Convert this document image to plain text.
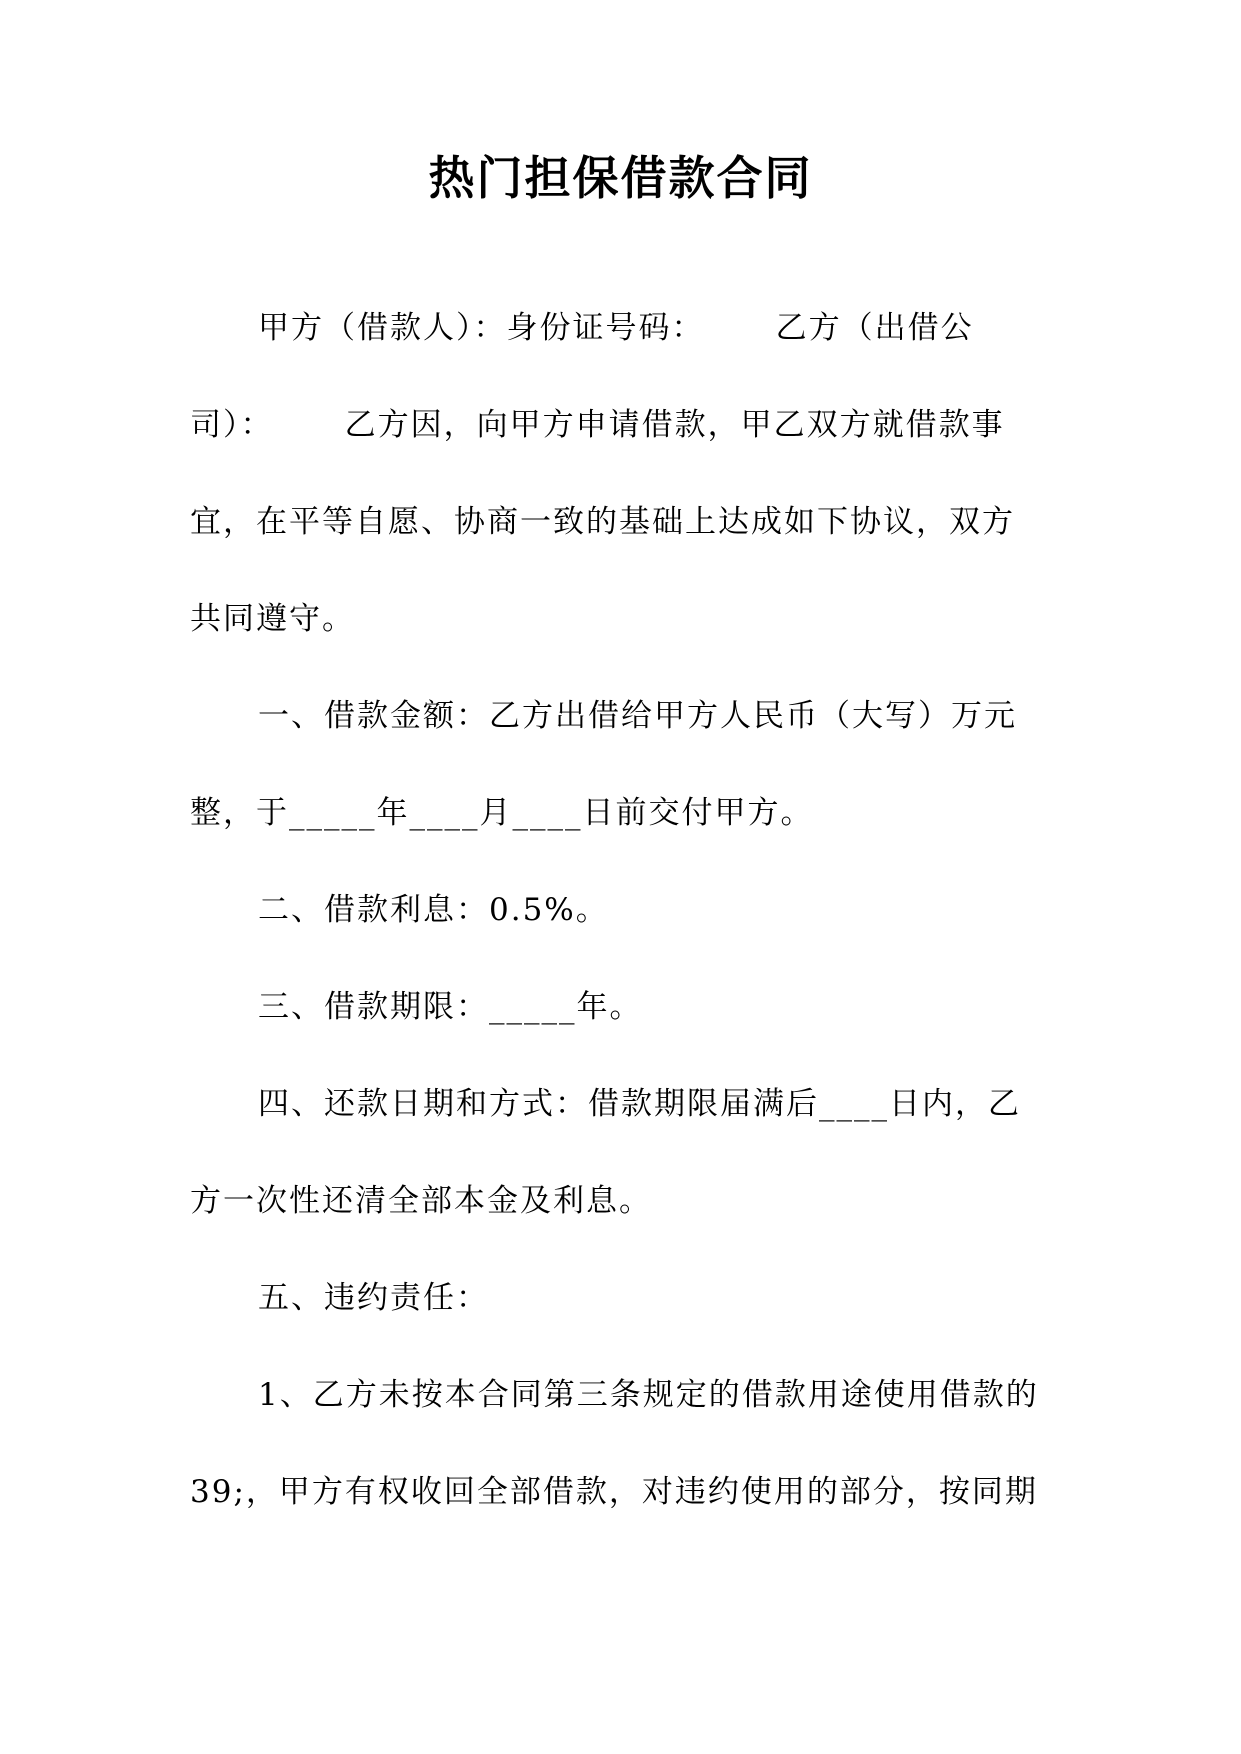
热门担保借款合同

甲方（借款人）：身份证号码：      乙方（出借公

司）：      乙方因，向甲方申请借款，甲乙双方就借款事

宜，在平等自愿、协商一致的基础上达成如下协议，双方

共同遵守。

一、借款金额：乙方出借给甲方人民币（大写）万元

整，于_____年____月____日前交付甲方。

二、借款利息：0.5%。

三、借款期限：_____年。

四、还款日期和方式：借款期限届满后____日内，乙

方一次性还清全部本金及利息。

五、违约责任：

1、乙方未按本合同第三条规定的借款用途使用借款的

39;，甲方有权收回全部借款，对违约使用的部分，按同期
